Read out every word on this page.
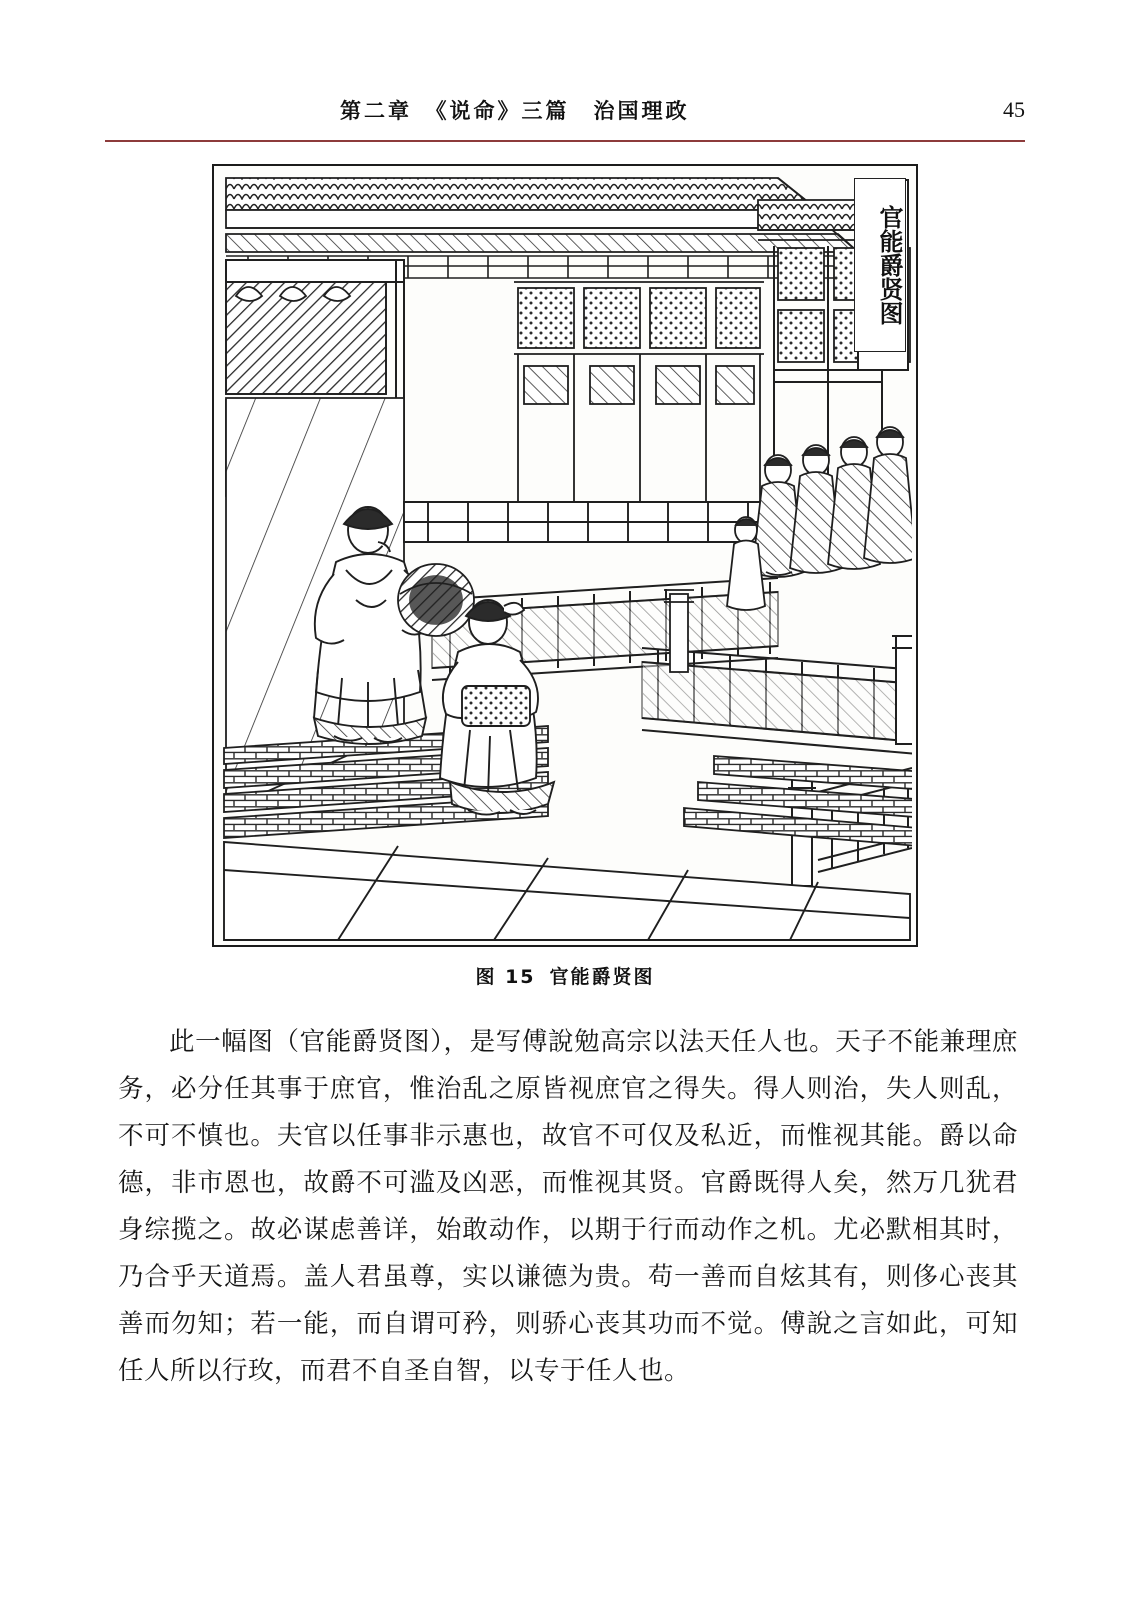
第二章　《说命》三篇　治国理政	45
官能爵贤图
图 15 官能爵贤图

此一幅图（官能爵贤图），是写傅說勉高宗以法天任人也。天子不能兼理庶务，必分任其事于庶官，惟治乱之原皆视庶官之得失。得人则治，失人则乱，不可不慎也。夫官以任事非示惠也，故官不可仅及私近，而惟视其能。爵以命德，非市恩也，故爵不可滥及凶恶，而惟视其贤。官爵既得人矣，然万几犹君身综揽之。故必谋虑善详，始敢动作，以期于行而动作之机。尤必默相其时，乃合乎天道焉。盖人君虽尊，实以谦德为贵。苟一善而自炫其有，则侈心丧其善而勿知；若一能，而自谓可矜，则骄心丧其功而不觉。傅說之言如此，可知任人所以行玫，而君不自圣自智，以专于任人也。
